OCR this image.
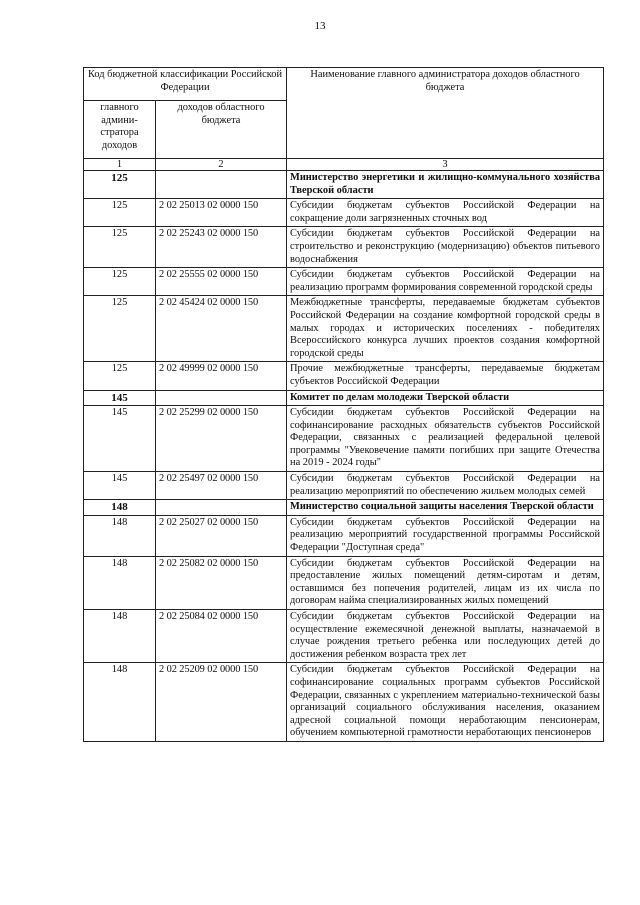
13
Код бюджетной классификации Российской Федерации		Наименование главного администратора доходов областного бюджета
главного админи-стратора доходов	доходов областного бюджета	
1	2	3
125		Министерство энергетики и жилищно-коммунального хозяйства Тверской области
125	2 02 25013 02 0000 150	Субсидии бюджетам субъектов Российской Федерации на сокращение доли загрязненных сточных вод
125	2 02 25243 02 0000 150	Субсидии бюджетам субъектов Российской Федерации на строительство и реконструкцию (модернизацию) объектов питьевого водоснабжения
125	2 02 25555 02 0000 150	Субсидии бюджетам субъектов Российской Федерации на реализацию программ формирования современной городской среды
125	2 02 45424 02 0000 150	Межбюджетные трансферты, передаваемые бюджетам субъектов Российской Федерации на создание комфортной городской среды в малых городах и исторических поселениях - победителях Всероссийского конкурса лучших проектов создания комфортной городской среды
125	2 02 49999 02 0000 150	Прочие межбюджетные трансферты, передаваемые бюджетам субъектов Российской Федерации
145		Комитет по делам молодежи Тверской области
145	2 02 25299 02 0000 150	Субсидии бюджетам субъектов Российской Федерации на софинансирование расходных обязательств субъектов Российской Федерации, связанных с реализацией федеральной целевой программы "Увековечение памяти погибших при защите Отечества на 2019 - 2024 годы"
145	2 02 25497 02 0000 150	Субсидии бюджетам субъектов Российской Федерации на реализацию мероприятий по обеспечению жильем молодых семей
148		Министерство социальной защиты населения Тверской области
148	2 02 25027 02 0000 150	Субсидии бюджетам субъектов Российской Федерации на реализацию мероприятий государственной программы Российской Федерации "Доступная среда"
148	2 02 25082 02 0000 150	Субсидии бюджетам субъектов Российской Федерации на предоставление жилых помещений детям-сиротам и детям, оставшимся без попечения родителей, лицам из их числа по договорам найма специализированных жилых помещений
148	2 02 25084 02 0000 150	Субсидии бюджетам субъектов Российской Федерации на осуществление ежемесячной денежной выплаты, назначаемой в случае рождения третьего ребенка или последующих детей до достижения ребенком возраста трех лет
148	2 02 25209 02 0000 150	Субсидии бюджетам субъектов Российской Федерации на софинансирование социальных программ субъектов Российской Федерации, связанных с укреплением материально-технической базы организаций социального обслуживания населения, оказанием адресной социальной помощи неработающим пенсионерам, обучением компьютерной грамотности неработающих пенсионеров
